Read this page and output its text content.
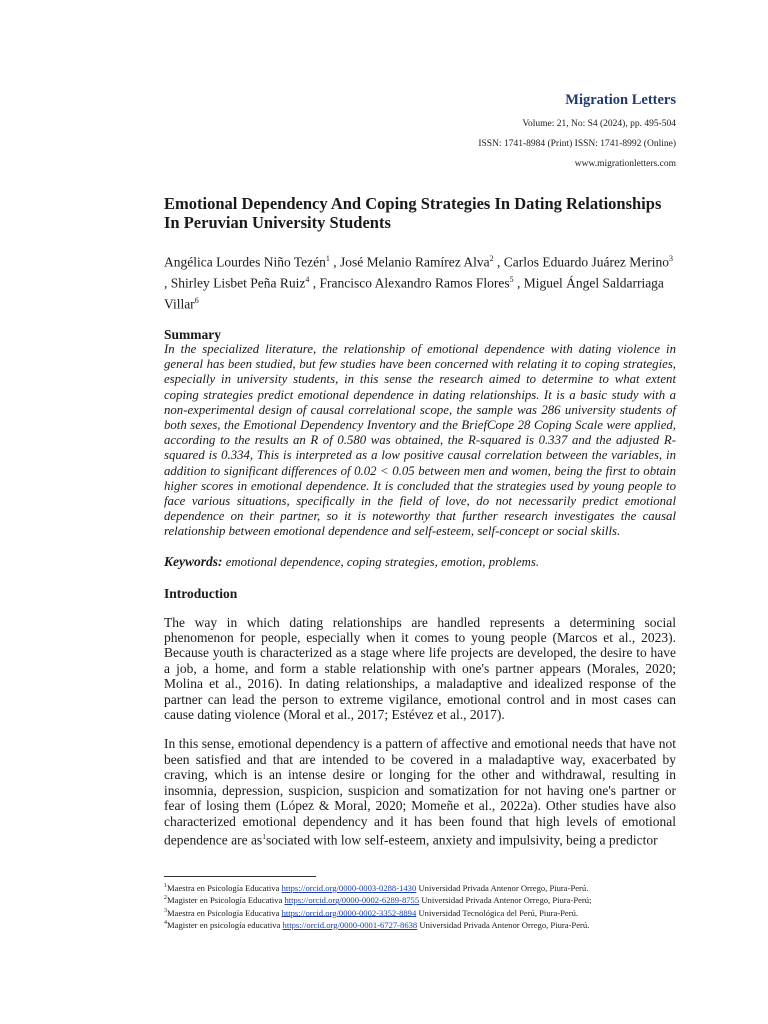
Migration Letters

Volume: 21, No: S4 (2024), pp. 495-504

ISSN: 1741-8984 (Print) ISSN: 1741-8992 (Online)

www.migrationletters.com

Emotional Dependency And Coping Strategies In Dating Relationships In Peruvian University Students

Angélica Lourdes Niño Tezén$^1$ , José Melanio Ramírez Alva$^2$ , Carlos Eduardo Juárez Merino$^3$ , Shirley Lisbet Peña Ruiz$^4$ , Francisco Alexandro Ramos Flores$^5$ , Miguel Ángel Saldarriaga Villar$^6$

Summary

In the specialized literature, the relationship of emotional dependence with dating violence in general has been studied, but few studies have been concerned with relating it to coping strategies, especially in university students, in this sense the research aimed to determine to what extent coping strategies predict emotional dependence in dating relationships. It is a basic study with a non-experimental design of causal correlational scope, the sample was 286 university students of both sexes, the Emotional Dependency Inventory and the BriefCope 28 Coping Scale were applied, according to the results an R of 0.580 was obtained, the R-squared is 0.337 and the adjusted R-squared is 0.334, This is interpreted as a low positive causal correlation between the variables, in addition to significant differences of 0.02 < 0.05 between men and women, being the first to obtain higher scores in emotional dependence. It is concluded that the strategies used by young people to face various situations, specifically in the field of love, do not necessarily predict emotional dependence on their partner, so it is noteworthy that further research investigates the causal relationship between emotional dependence and self-esteem, self-concept or social skills.

Keywords: emotional dependence, coping strategies, emotion, problems.

Introduction

The way in which dating relationships are handled represents a determining social phenomenon for people, especially when it comes to young people (Marcos et al., 2023). Because youth is characterized as a stage where life projects are developed, the desire to have a job, a home, and form a stable relationship with one's partner appears (Morales, 2020; Molina et al., 2016). In dating relationships, a maladaptive and idealized response of the partner can lead the person to extreme vigilance, emotional control and in most cases can cause dating violence (Moral et al., 2017; Estévez et al., 2017).

In this sense, emotional dependency is a pattern of affective and emotional needs that have not been satisfied and that are intended to be covered in a maladaptive way, exacerbated by craving, which is an intense desire or longing for the other and withdrawal, resulting in insomnia, depression, suspicion, suspicion and somatization for not having one's partner or fear of losing them (López & Moral, 2020; Momeñe et al., 2022a). Other studies have also characterized emotional dependency and it has been found that high levels of emotional dependence are $as^1sociated$ with low self-esteem, anxiety and impulsivity, being a predictor

$^1$Maestra en Psicología Educativa https://orcid.org/0000-0003-0288-1430 Universidad Privada Antenor Orrego, Piura-Perú.

$^2$Magister en Psicología Educativa https://orcid.org/0000-0002-6289-8755 Universidad Privada Antenor Orrego, Piura-Perú;

$^3$Maestra en Psicología Educativa https://orcid.org/0000-0002-3352-8894 Universidad Tecnológica del Perú, Piura-Perú.

$^4$Magister en psicología educativa https://orcid.org/0000-0001-6727-8638 Universidad Privada Antenor Orrego, Piura-Perú.
